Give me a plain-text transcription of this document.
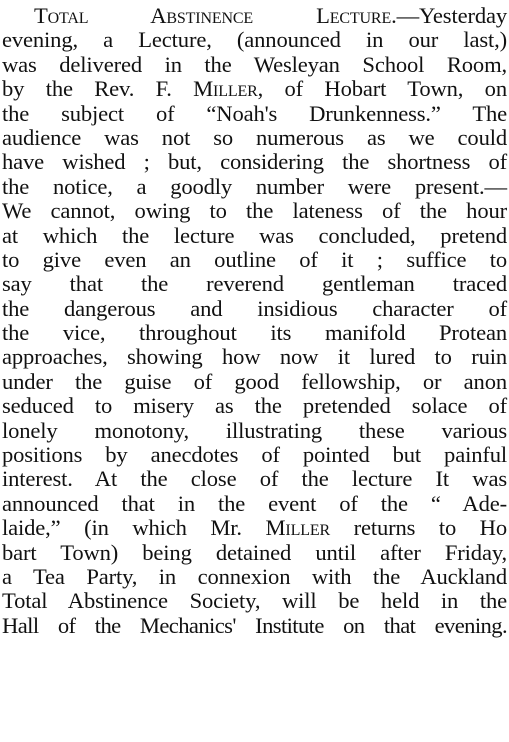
Total Abstinence Lecture.—Yesterday
evening, a Lecture, (announced in our last,)
was delivered in the Wesleyan School Room,
by the Rev. F. Miller, of Hobart Town, on
the subject of “Noah's Drunkenness.” The
audience was not so numerous as we could
have wished ; but, considering the shortness of
the notice, a goodly number were present.—
We cannot, owing to the lateness of the hour
at which the lecture was concluded, pretend
to give even an outline of it ; suffice to
say that the reverend gentleman traced
the dangerous and insidious character of
the vice, throughout its manifold Protean
approaches, showing how now it lured to ruin
under the guise of good fellowship, or anon
seduced to misery as the pretended solace of
lonely monotony, illustrating these various
positions by anecdotes of pointed but painful
interest. At the close of the lecture It was
announced that in the event of the “ Ade-
laide,” (in which Mr. Miller returns to Ho
bart Town) being detained until after Friday,
a Tea Party, in connexion with the Auckland
Total Abstinence Society, will be held in the
Hall of the Mechanics' Institute on that evening.
